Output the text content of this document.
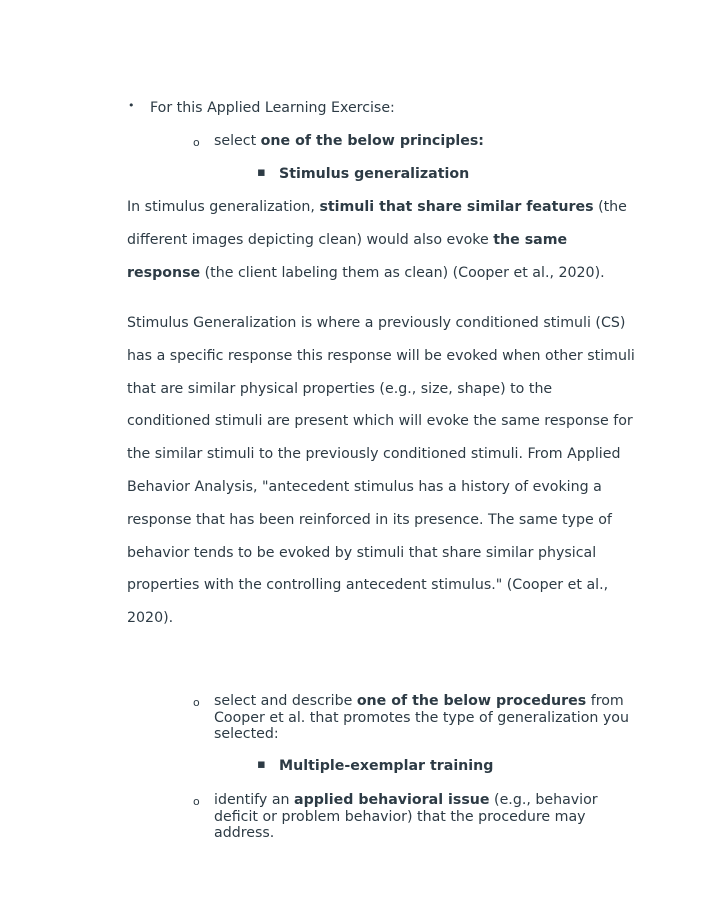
• For this Applied Learning Exercise:
o select one of the below principles:
▪ Stimulus generalization
In stimulus generalization, stimuli that share similar features (the
different images depicting clean) would also evoke the same
response (the client labeling them as clean) (Cooper et al., 2020).
Stimulus Generalization is where a previously conditioned stimuli (CS)
has a specific response this response will be evoked when other stimuli
that are similar physical properties (e.g., size, shape) to the
conditioned stimuli are present which will evoke the same response for
the similar stimuli to the previously conditioned stimuli. From Applied
Behavior Analysis, "antecedent stimulus has a history of evoking a
response that has been reinforced in its presence. The same type of
behavior tends to be evoked by stimuli that share similar physical
properties with the controlling antecedent stimulus." (Cooper et al.,
2020).
o select and describe one of the below procedures from Cooper et al. that promotes the type of generalization you selected:
▪ Multiple-exemplar training
o identify an applied behavioral issue (e.g., behavior deficit or problem behavior) that the procedure may address.
